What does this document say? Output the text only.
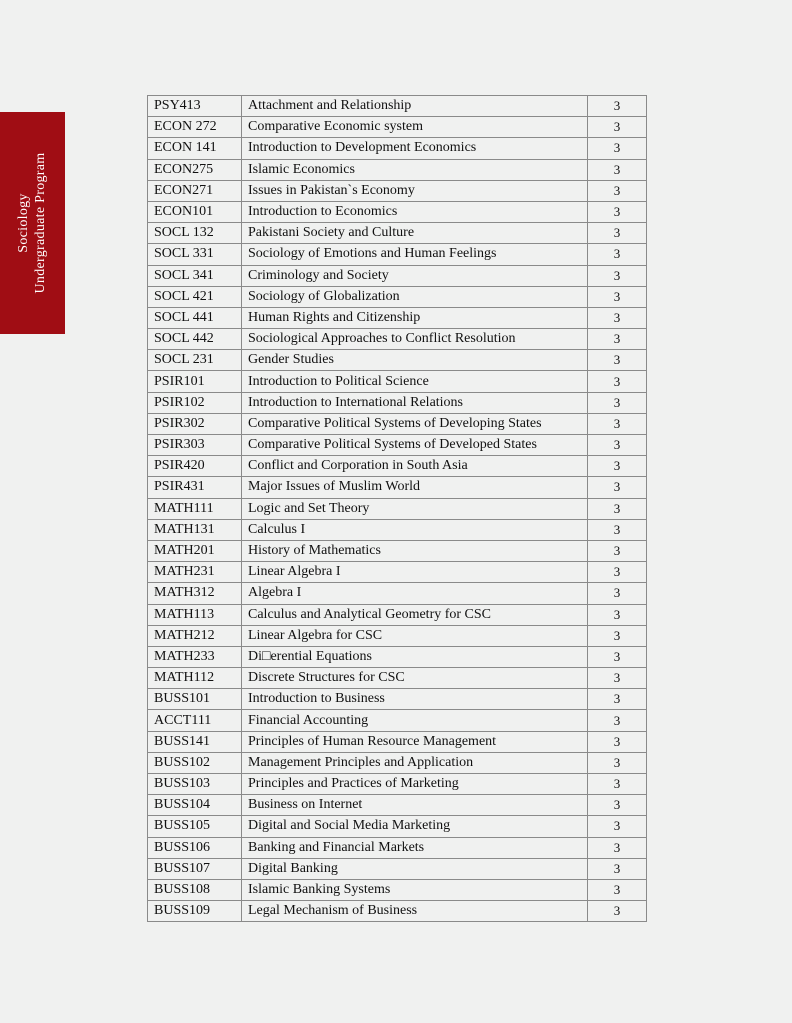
Sociology Undergraduate Program
PSY413	Attachment and Relationship	3
ECON 272	Comparative Economic system	3
ECON 141	Introduction to Development Economics	3
ECON275	Islamic Economics	3
ECON271	Issues in Pakistan`s Economy	3
ECON101	Introduction to Economics	3
SOCL 132	Pakistani Society and Culture	3
SOCL 331	Sociology of Emotions and Human Feelings	3
SOCL 341	Criminology and Society	3
SOCL 421	Sociology of Globalization	3
SOCL 441	Human Rights and Citizenship	3
SOCL 442	Sociological Approaches to Conflict Resolution	3
SOCL 231	Gender Studies	3
PSIR101	Introduction to Political Science	3
PSIR102	Introduction to International Relations	3
PSIR302	Comparative Political Systems of Developing States	3
PSIR303	Comparative Political Systems of Developed States	3
PSIR420	Conflict and Corporation in South Asia	3
PSIR431	Major Issues of Muslim World	3
MATH111	Logic and Set Theory	3
MATH131	Calculus I	3
MATH201	History of Mathematics	3
MATH231	Linear Algebra I	3
MATH312	Algebra I	3
MATH113	Calculus and Analytical Geometry for CSC	3
MATH212	Linear Algebra for CSC	3
MATH233	Di□erential Equations	3
MATH112	Discrete Structures for CSC	3
BUSS101	Introduction to Business	3
ACCT111	Financial Accounting	3
BUSS141	Principles of Human Resource Management	3
BUSS102	Management Principles and Application	3
BUSS103	Principles and Practices of Marketing	3
BUSS104	Business on Internet	3
BUSS105	Digital and Social Media Marketing	3
BUSS106	Banking and Financial Markets	3
BUSS107	Digital Banking	3
BUSS108	Islamic Banking Systems	3
BUSS109	Legal Mechanism of Business	3
